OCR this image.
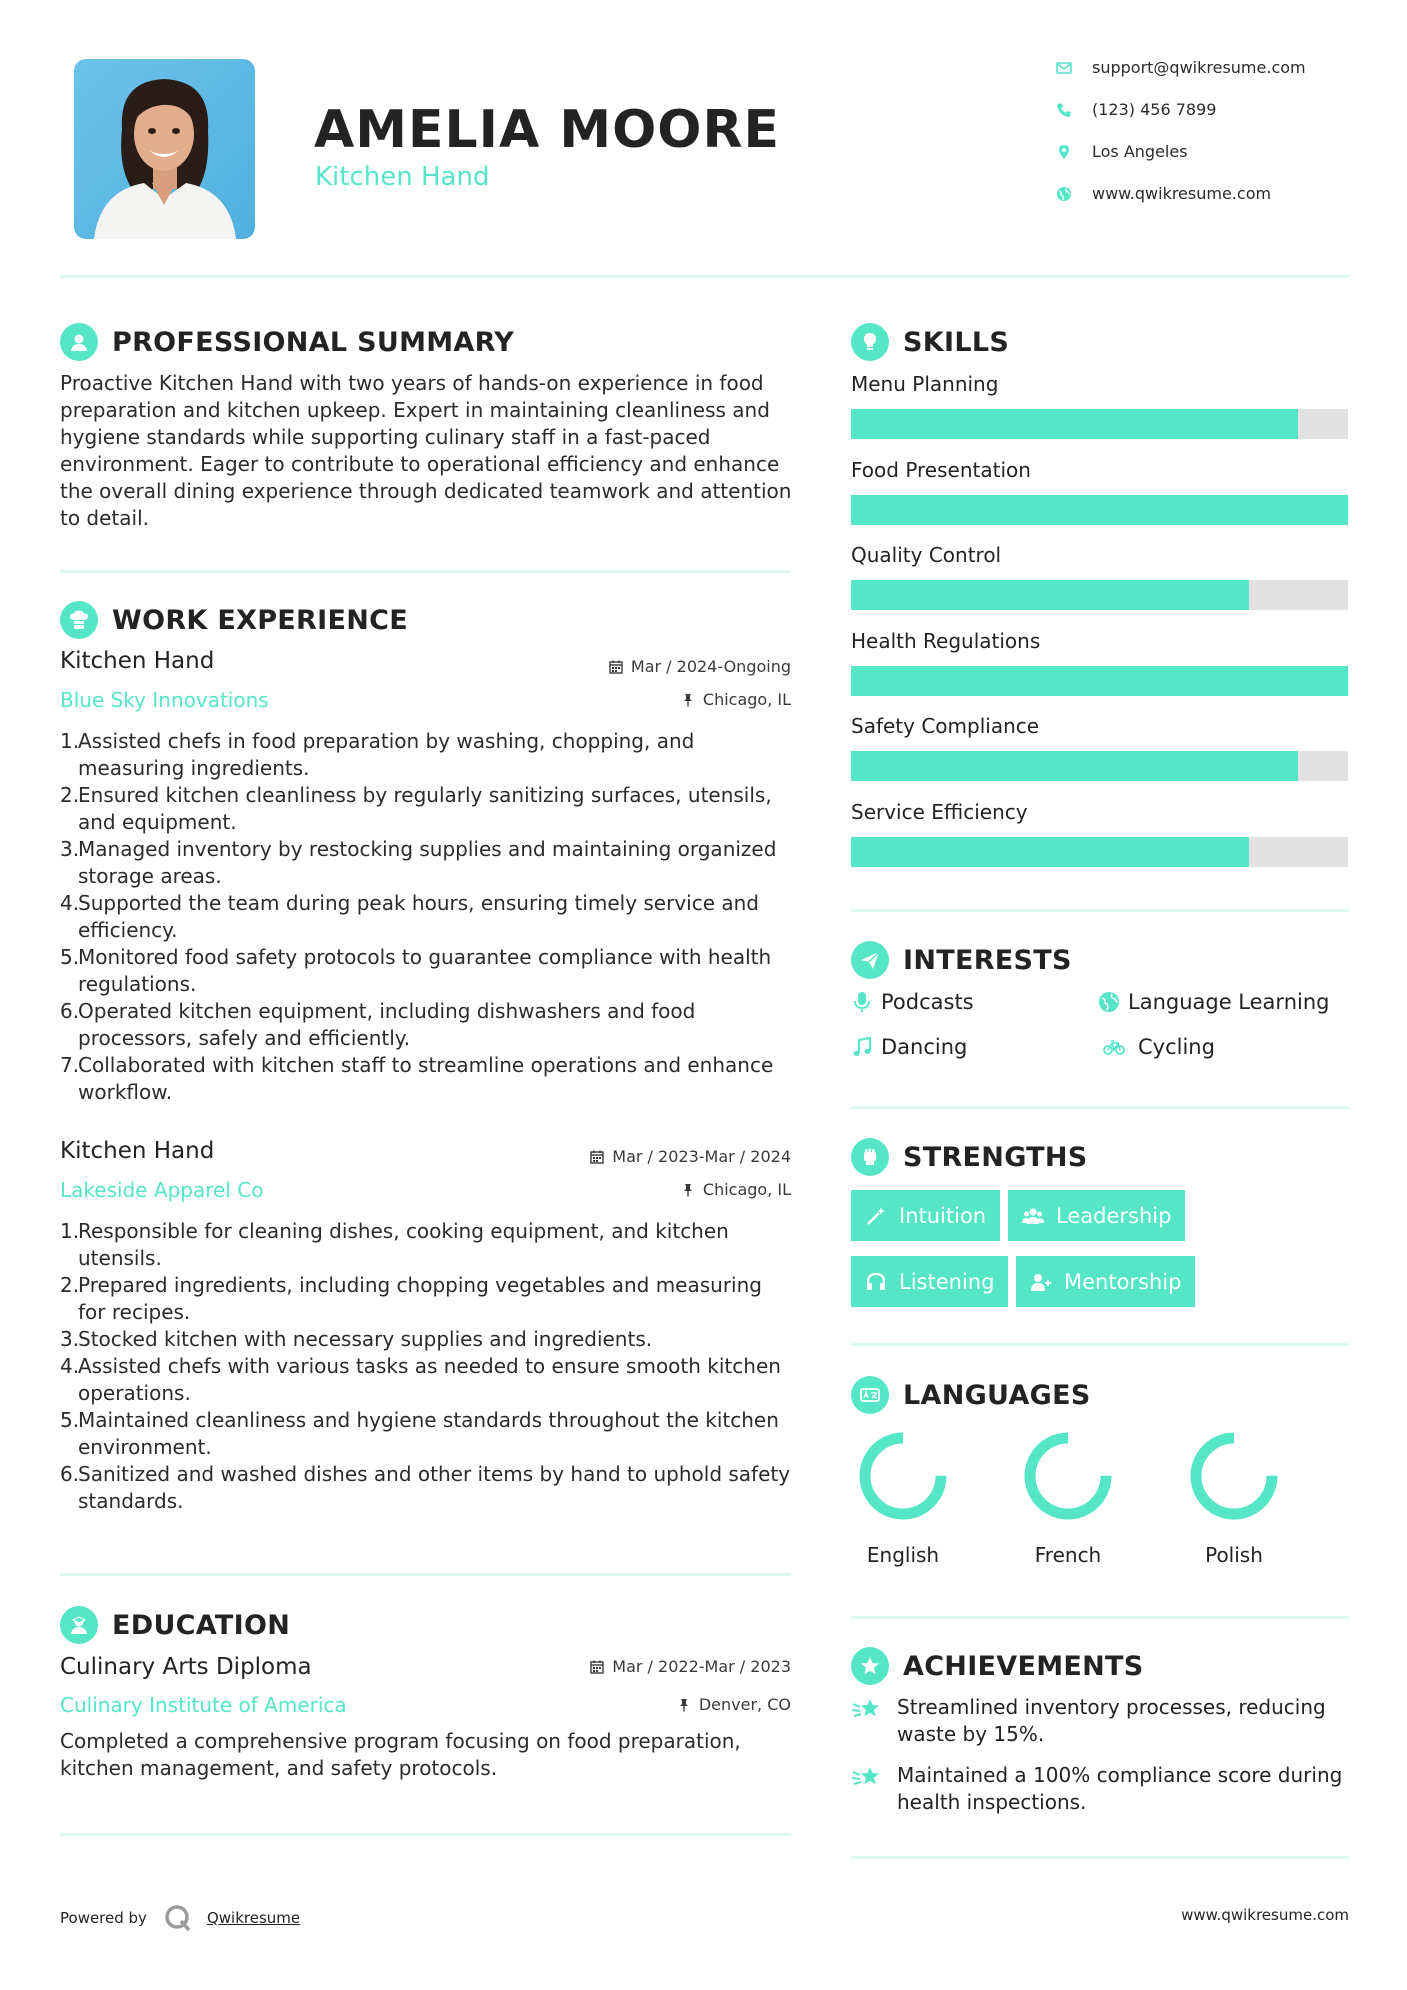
AMELIA MOORE
Kitchen Hand
support@qwikresume.com
(123) 456 7899
Los Angeles
www.qwikresume.com
PROFESSIONAL SUMMARY
Proactive Kitchen Hand with two years of hands-on experience in food preparation and kitchen upkeep. Expert in maintaining cleanliness and hygiene standards while supporting culinary staff in a fast-paced environment. Eager to contribute to operational efficiency and enhance the overall dining experience through dedicated teamwork and attention to detail.
WORK EXPERIENCE
Kitchen Hand	Mar / 2024-Ongoing
Blue Sky Innovations	Chicago, IL
1.
Assisted chefs in food preparation by washing, chopping, and measuring ingredients.
2.
Ensured kitchen cleanliness by regularly sanitizing surfaces, utensils, and equipment.
3.
Managed inventory by restocking supplies and maintaining organized storage areas.
4.
Supported the team during peak hours, ensuring timely service and efficiency.
5.
Monitored food safety protocols to guarantee compliance with health regulations.
6.
Operated kitchen equipment, including dishwashers and food processors, safely and efficiently.
7.
Collaborated with kitchen staff to streamline operations and enhance workflow.
Kitchen Hand	Mar / 2023-Mar / 2024
Lakeside Apparel Co	Chicago, IL
1.
Responsible for cleaning dishes, cooking equipment, and kitchen utensils.
2.
Prepared ingredients, including chopping vegetables and measuring for recipes.
3.
Stocked kitchen with necessary supplies and ingredients.
4.
Assisted chefs with various tasks as needed to ensure smooth kitchen operations.
5.
Maintained cleanliness and hygiene standards throughout the kitchen environment.
6.
Sanitized and washed dishes and other items by hand to uphold safety standards.
EDUCATION
Culinary Arts Diploma	Mar / 2022-Mar / 2023
Culinary Institute of America	Denver, CO
Completed a comprehensive program focusing on food preparation, kitchen management, and safety protocols.
SKILLS
Menu Planning
Food Presentation
Quality Control
Health Regulations
Safety Compliance
Service Efficiency
INTERESTS
Podcasts	Language Learning
Dancing	Cycling
STRENGTHS
Intuition	Leadership
Listening	Mentorship
LANGUAGES
English	French	Polish
ACHIEVEMENTS
Streamlined inventory processes, reducing waste by 15%.
Maintained a 100% compliance score during health inspections.
Powered by	Qwikresume	www.qwikresume.com
